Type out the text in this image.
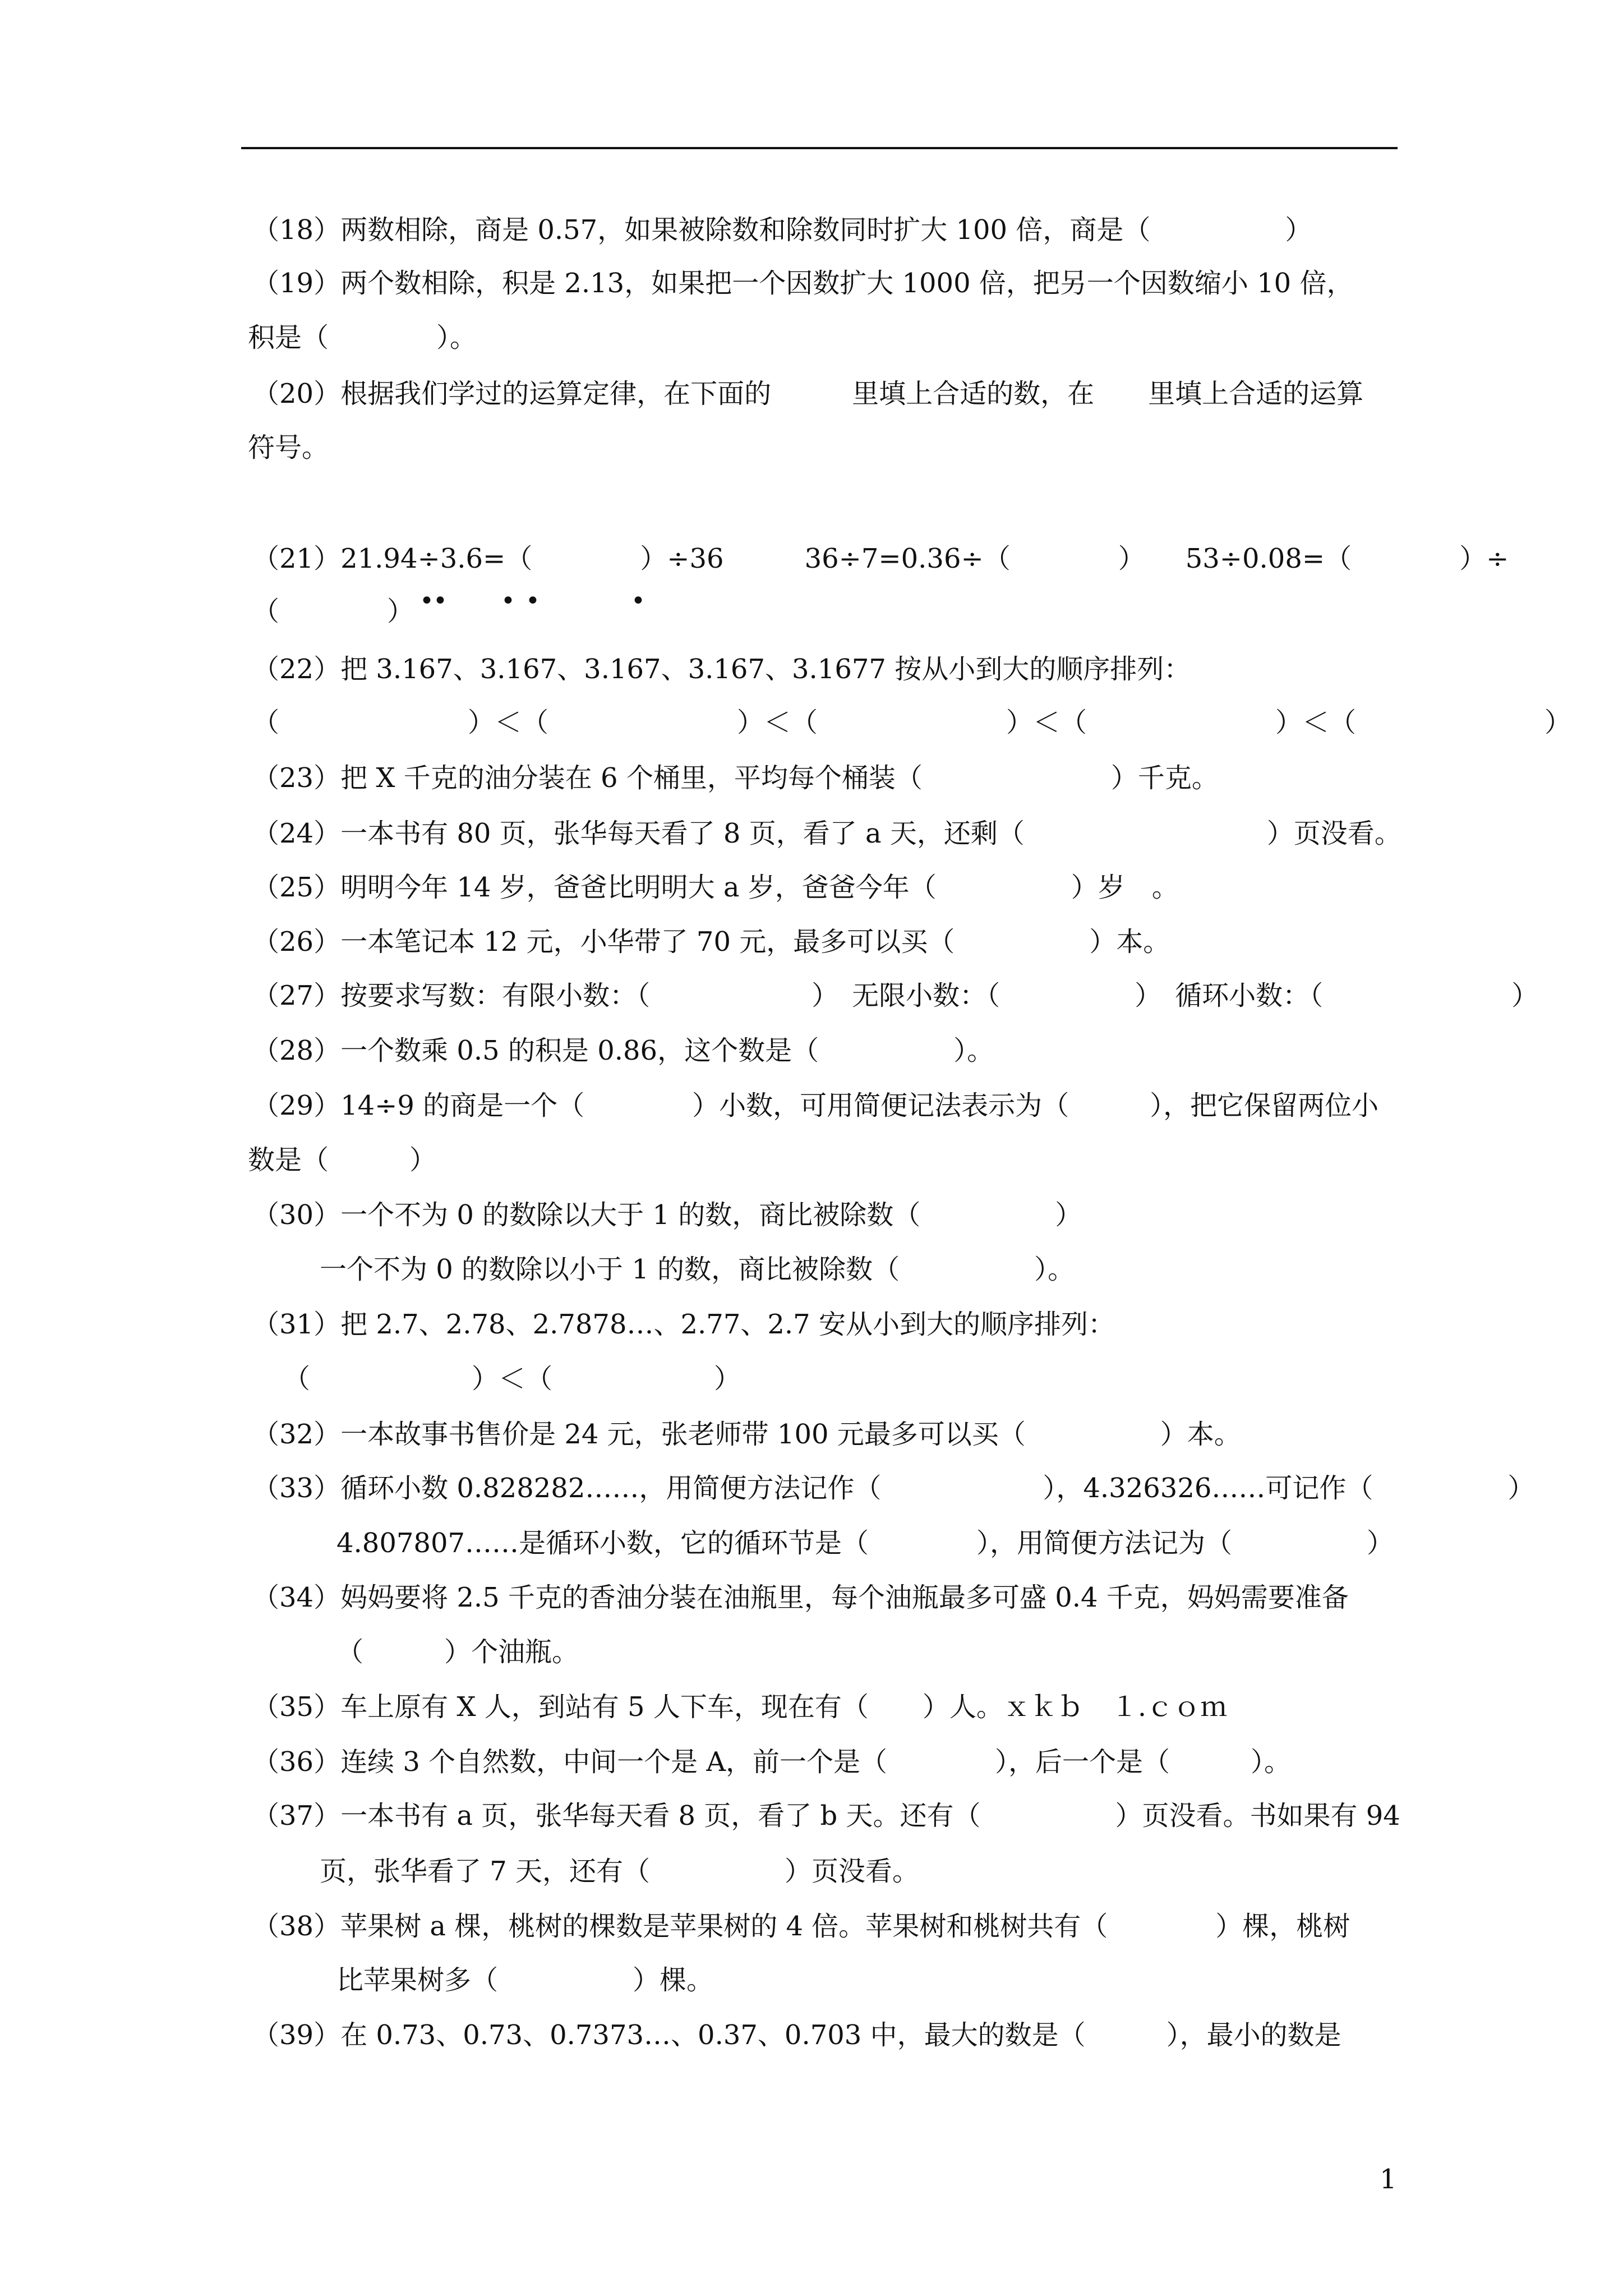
（18）两数相除，商是 0.57，如果被除数和除数同时扩大 100 倍，商是（　　　　　）
（19）两个数相除，积是 2.13，如果把一个因数扩大 1000 倍，把另一个因数缩小 10 倍，
积是（　　　　）。
（20）根据我们学过的运算定律，在下面的　　　里填上合适的数，在　　里填上合适的运算
符号。
（21）21.94÷3.6=（　　　　）÷36　　　36÷7=0.36÷（　　　　）　　53÷0.08=（　　　　）÷
（　　　　） •
• • •	•
（22）把 3.167、3.167、3.167、3.167、3.1677 按从小到大的顺序排列：
（　　　　　　　）＜（　　　　　　　）＜（　　　　　　　）＜（　　　　　　　）＜（　　　　　　　）
（23）把 X 千克的油分装在 6 个桶里，平均每个桶装（　　　　　　　）千克。
（24）一本书有 80 页，张华每天看了 8 页，看了 a 天，还剩（　　　　　　　　　）页没看。
（25）明明今年 14 岁，爸爸比明明大 a 岁，爸爸今年（　　　　　）岁　。
（26）一本笔记本 12 元，小华带了 70 元，最多可以买（　　　　　）本。
（27）按要求写数：有限小数：（　　　　　　）　无限小数：（　　　　　）　循环小数：（　　　　　　　）
（28）一个数乘 0.5 的积是 0.86，这个数是（　　　　　）。
（29）14÷9 的商是一个（　　　　）小数，可用简便记法表示为（　　　），把它保留两位小
数是（　　　）
（30）一个不为 0 的数除以大于 1 的数，商比被除数（　　　　　）
一个不为 0 的数除以小于 1 的数，商比被除数（　　　　　）。
（31）把 2.7、2.78、2.7878…、2.77、2.7 安从小到大的顺序排列：
（　　　　　　）＜（　　　　　　）
（32）一本故事书售价是 24 元，张老师带 100 元最多可以买（　　　　　）本。
（33）循环小数 0.828282……，用简便方法记作（　　　　　　），4.326326……可记作（　　　　　）
4.807807……是循环小数，它的循环节是（　　　　），用简便方法记为（　　　　　）
（34）妈妈要将 2.5 千克的香油分装在油瓶里，每个油瓶最多可盛 0.4 千克，妈妈需要准备
（　　　）个油瓶。
（35）车上原有 X 人，到站有 5 人下车，现在有（　　）人。ｘｋｂ　１.ｃｏｍ
（36）连续 3 个自然数，中间一个是 A，前一个是（　　　　），后一个是（　　　）。
（37）一本书有 a 页，张华每天看 8 页，看了 b 天。还有（　　　　　）页没看。书如果有 94
页，张华看了 7 天，还有（　　　　　）页没看。
（38）苹果树 a 棵，桃树的棵数是苹果树的 4 倍。苹果树和桃树共有（　　　　）棵，桃树
比苹果树多（　　　　　）棵。
（39）在 0.73、0.73、0.7373…、0.37、0.703 中，最大的数是（　　　），最小的数是
1
